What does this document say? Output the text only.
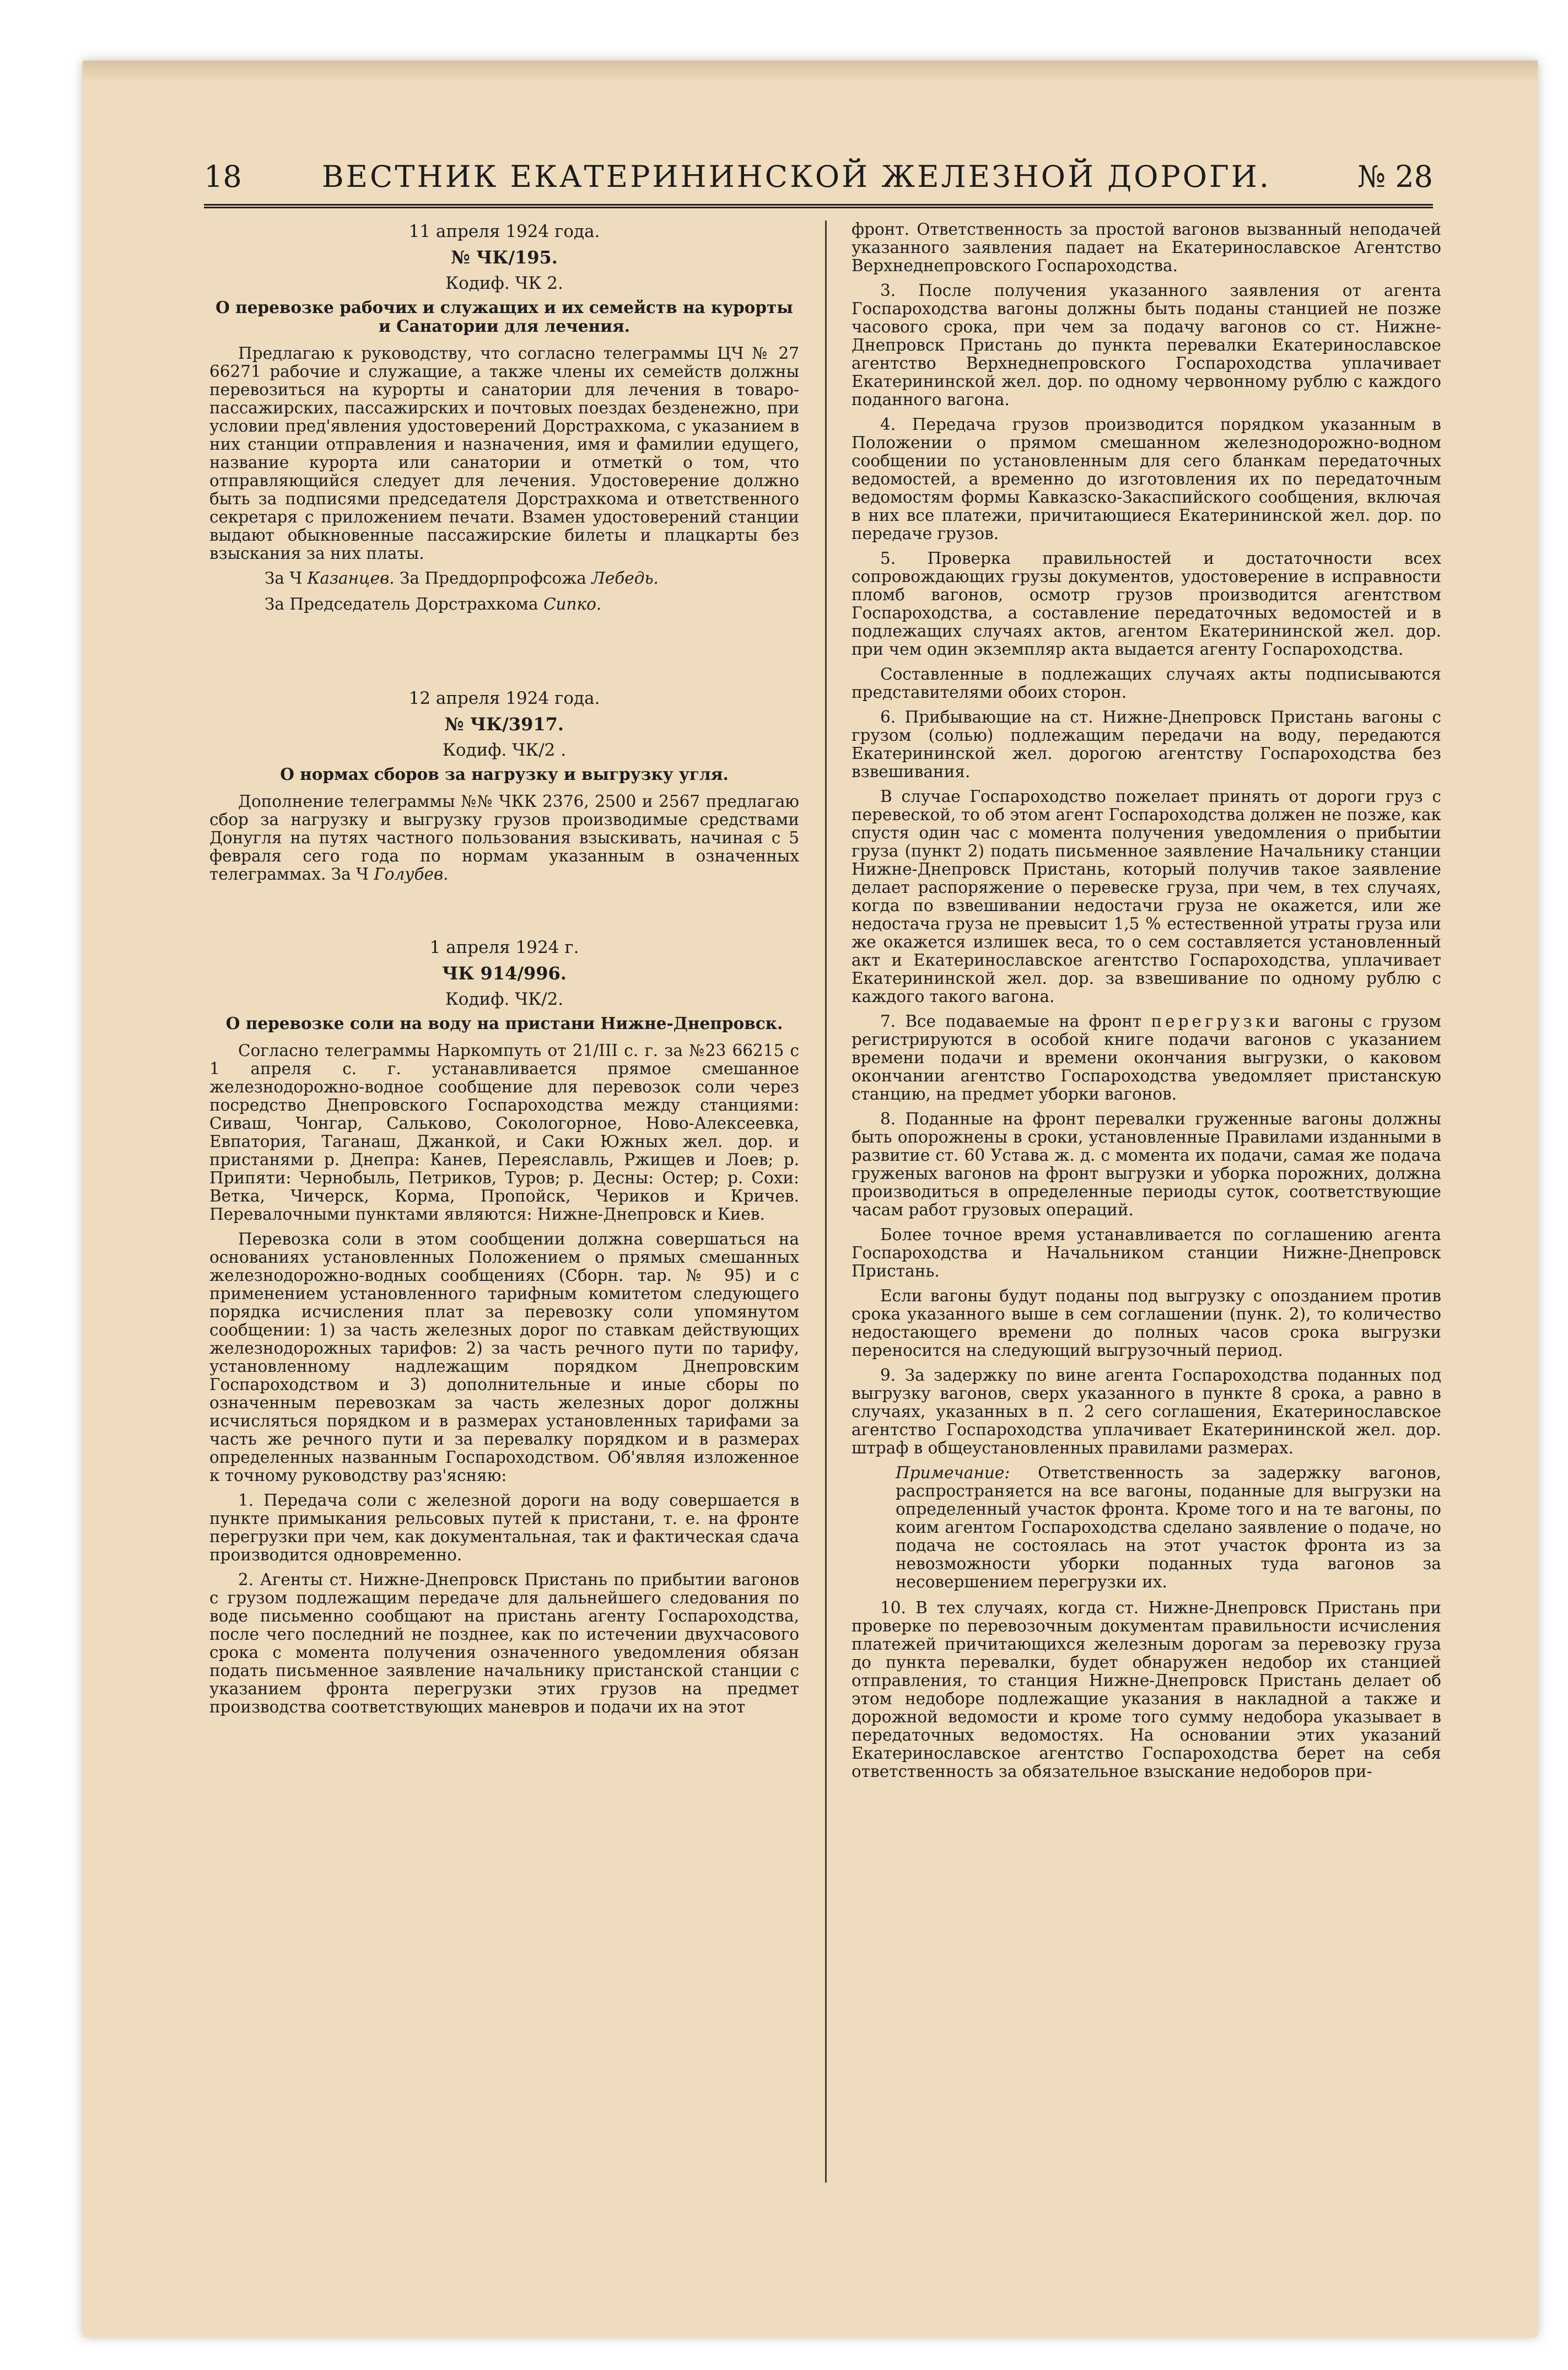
18	ВЕСТНИК ЕКАТЕРИНИНСКОЙ ЖЕЛЕЗНОЙ ДОРОГИ.	№ 28
11 апреля 1924 года.
№ ЧК/195.
Кодиф. ЧК 2.
О перевозке рабочих и служащих и их семейств на курорты и Санатории для лечения.

Предлагаю к руководству, что согласно телеграммы ЦЧ № 27 66271 рабочие и служащие, а также члены их семейств должны перевозиться на курорты и санатории для лечения в товаро-пассажирских, пассажирских и почтовых поездах безденежно, при условии пред'явления удостоверений Дорстрахкома, с указанием в них станции отправления и назначения, имя и фамилии едущего, название курорта или санатории и отметкй о том, что отправляющийся следует для лечения. Удостоверение должно быть за подписями председателя Дорстрахкома и ответственного секретаря с приложением печати. Взамен удостоверений станции выдают обыкновенные пассажирские билеты и плацкарты без взыскания за них платы.

За Ч Казанцев. За Преддорпрофсожа Лебедь.
За Председатель Дорстрахкома Сипко.
12 апреля 1924 года.
№ ЧК/3917.
Кодиф. ЧК/2 .
О нормах сборов за нагрузку и выгрузку угля.

Дополнение телеграммы №№ ЧКК 2376, 2500 и 2567 предлагаю сбор за нагрузку и выгрузку грузов производимые средствами Донугля на путях частного пользования взыскивать, начиная с 5 февраля сего года по нормам указанным в означенных телеграммах. За Ч Голубев.

1 апреля 1924 г.
ЧК 914/996.
Кодиф. ЧК/2.
О перевозке соли на воду на пристани Нижне-Днепровск.

Согласно телеграммы Наркомпуть от 21/III с. г. за №23 66215 с 1 апреля с. г. устанавливается прямое смешанное железнодорожно-водное сообщение для перевозок соли через посредство Днепровского Госпароходства между станциями: Сиваш, Чонгар, Сальково, Сокологорное, Ново-Алексеевка, Евпатория, Таганаш, Джанкой, и Саки Южных жел. дор. и пристанями р. Днепра: Канев, Переяславль, Ржищев и Лоев; р. Припяти: Чернобыль, Петриков, Туров; р. Десны: Остер; р. Сохи: Ветка, Чичерск, Корма, Пропойск, Чериков и Кричев. Перевалочными пунктами являются: Нижне-Днепровск и Киев.

Перевозка соли в этом сообщении должна совершаться на основаниях установленных Положением о прямых смешанных железнодорожно-водных сообщениях (Сборн. тар. № 95) и с применением установленного тарифным комитетом следующего порядка исчисления плат за перевозку соли упомянутом сообщении: 1) за часть железных дорог по ставкам действующих железнодорожных тарифов: 2) за часть речного пути по тарифу, установленному надлежащим порядком Днепровским Госпароходством и 3) дополнительные и иные сборы по означенным перевозкам за часть железных дорог должны исчисляться порядком и в размерах установленных тарифами за часть же речного пути и за перевалку порядком и в размерах определенных названным Госпароходством. Об'являя изложенное к точному руководству раз'ясняю:

1. Передача соли с железной дороги на воду совершается в пункте примыкания рельсовых путей к пристани, т. е. на фронте перегрузки при чем, как документальная, так и фактическая сдача производится одновременно.

2. Агенты ст. Нижне-Днепровск Пристань по прибытии вагонов с грузом подлежащим передаче для дальнейшего следования по воде письменно сообщают на пристань агенту Госпароходства, после чего последний не позднее, как по истечении двухчасового срока с момента получения означенного уведомления обязан подать письменное заявление начальнику пристанской станции с указанием фронта перегрузки этих грузов на предмет производства соответствующих маневров и подачи их на этот

фронт. Ответственность за простой вагонов вызванный неподачей указанного заявления падает на Екатеринославское Агентство Верхнеднепровского Госпароходства.

3. После получения указанного заявления от агента Госпароходства вагоны должны быть поданы станцией не позже часового срока, при чем за подачу вагонов со ст. Нижне-Днепровск Пристань до пункта перевалки Екатеринославское агентство Верхнеднепровского Госпароходства уплачивает Екатерининской жел. дор. по одному червонному рублю с каждого поданного вагона.

4. Передача грузов производится порядком указанным в Положении о прямом смешанном железнодорожно-водном сообщении по установленным для сего бланкам передаточных ведомостей, а временно до изготовления их по передаточным ведомостям формы Кавказско-Закаспийского сообщения, включая в них все платежи, причитающиеся Екатерининской жел. дор. по передаче грузов.

5. Проверка правильностей и достаточности всех сопровождающих грузы документов, удостоверение в исправности пломб вагонов, осмотр грузов производится агентством Госпароходства, а составление передаточных ведомостей и в подлежащих случаях актов, агентом Екатерининской жел. дор. при чем один экземпляр акта выдается агенту Госпароходства.

Составленные в подлежащих случаях акты подписываются представителями обоих сторон.

6. Прибывающие на ст. Нижне-Днепровск Пристань вагоны с грузом (солью) подлежащим передачи на воду, передаются Екатерининской жел. дорогою агентству Госпароходства без взвешивания.

В случае Госпароходство пожелает принять от дороги груз с перевеской, то об этом агент Госпароходства должен не позже, как спустя один час с момента получения уведомления о прибытии груза (пункт 2) подать письменное заявление Начальнику станции Нижне-Днепровск Пристань, который получив такое заявление делает распоряжение о перевеске груза, при чем, в тех случаях, когда по взвешивании недостачи груза не окажется, или же недостача груза не превысит 1,5 % естественной утраты груза или же окажется излишек веса, то о сем составляется установленный акт и Екатеринославское агентство Госпароходства, уплачивает Екатерининской жел. дор. за взвешивание по одному рублю с каждого такого вагона.

7. Все подаваемые на фронт перегрузки вагоны с грузом регистрируются в особой книге подачи вагонов с указанием времени подачи и времени окончания выгрузки, о каковом окончании агентство Госпароходства уведомляет пристанскую станцию, на предмет уборки вагонов.

8. Поданные на фронт перевалки груженные вагоны должны быть опорожнены в сроки, установленные Правилами изданными в развитие ст. 60 Устава ж. д. с момента их подачи, самая же подача груженых вагонов на фронт выгрузки и уборка порожних, должна производиться в определенные периоды суток, соответствующие часам работ грузовых операций.

Более точное время устанавливается по соглашению агента Госпароходства и Начальником станции Нижне-Днепровск Пристань.

Если вагоны будут поданы под выгрузку с опозданием против срока указанного выше в сем соглашении (пунк. 2), то количество недостающего времени до полных часов срока выгрузки переносится на следующий выгрузочный период.

9. За задержку по вине агента Госпароходства поданных под выгрузку вагонов, сверх указанного в пункте 8 срока, а равно в случаях, указанных в п. 2 сего соглашения, Екатеринославское агентство Госпароходства уплачивает Екатерининской жел. дор. штраф в общеустановленных правилами размерах.

Примечание: Ответственность за задержку вагонов, распространяется на все вагоны, поданные для выгрузки на определенный участок фронта. Кроме того и на те вагоны, по коим агентом Госпароходства сделано заявление о подаче, но подача не состоялась на этот участок фронта из за невозможности уборки поданных туда вагонов за несовершением перегрузки их.

10. В тех случаях, когда ст. Нижне-Днепровск Пристань при проверке по перевозочным документам правильности исчисления платежей причитающихся железным дорогам за перевозку груза до пункта перевалки, будет обнаружен недобор их станцией отправления, то станция Нижне-Днепровск Пристань делает об этом недоборе подлежащие указания в накладной а также и дорожной ведомости и кроме того сумму недобора указывает в передаточных ведомостях. На основании этих указаний Екатеринославское агентство Госпароходства берет на себя ответственность за обязательное взыскание недоборов при-
